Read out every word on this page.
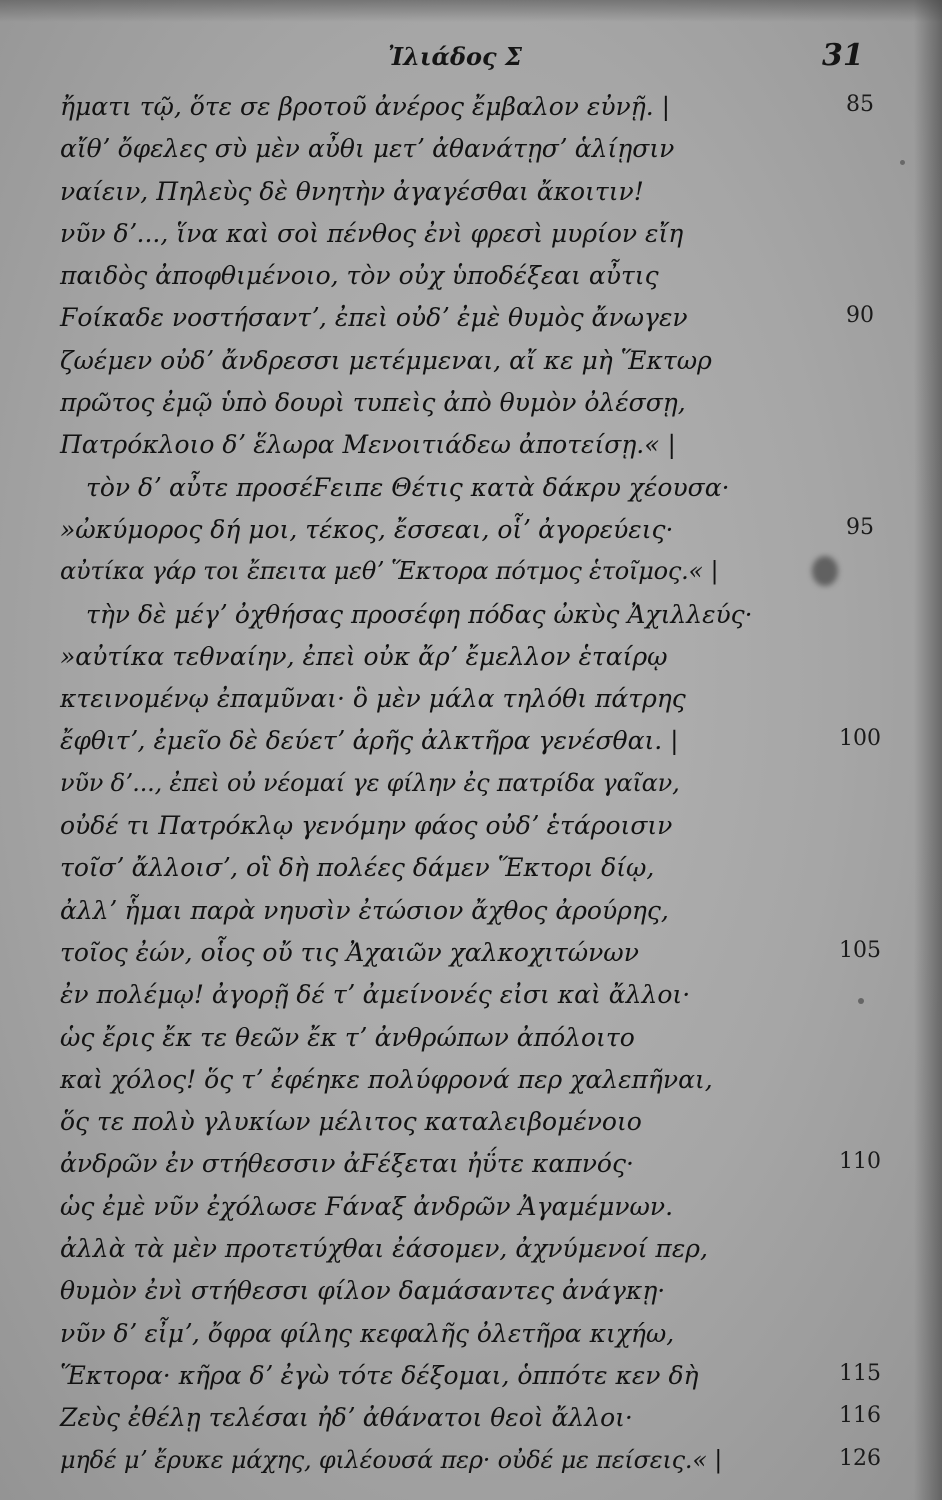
Ἰλιάδος Σ	31
ἤματι τῷ, ὅτε σε βροτοῦ ἀνέρος ἔμβαλον εὐνῇ. |	85
αἴθʼ ὄφελες σὺ μὲν αὖθι μετʼ ἀθανάτῃσʼ ἁλίῃσιν
ναίειν, Πηλεὺς δὲ θνητὴν ἀγαγέσθαι ἄκοιτιν!
νῦν δʼ..., ἵνα καὶ σοὶ πένθος ἐνὶ φρεσὶ μυρίον εἴη
παιδὸς ἀποφθιμένοιο, τὸν οὐχ ὑποδέξεαι αὖτις
Ϝοίκαδε νοστήσαντʼ, ἐπεὶ οὐδʼ ἐμὲ θυμὸς ἄνωγεν	90
ζωέμεν οὐδʼ ἄνδρεσσι μετέμμεναι, αἴ κε μὴ Ἕκτωρ
πρῶτος ἐμῷ ὑπὸ δουρὶ τυπεὶς ἀπὸ θυμὸν ὀλέσσῃ,
Πατρόκλοιο δʼ ἕλωρα Μενοιτιάδεω ἀποτείσῃ.« |
τὸν δʼ αὖτε προσέϜειπε Θέτις κατὰ δάκρυ χέουσα·
»ὠκύμορος δή μοι, τέκος, ἔσσεαι, οἷʼ ἀγορεύεις·	95
αὐτίκα γάρ τοι ἔπειτα μεθʼ Ἕκτορα πότμος ἑτοῖμος.« |
τὴν δὲ μέγʼ ὀχθήσας προσέφη πόδας ὠκὺς Ἀχιλλεύς·
»αὐτίκα τεθναίην, ἐπεὶ οὐκ ἄρʼ ἔμελλον ἑταίρῳ
κτεινομένῳ ἐπαμῦναι· ὃ μὲν μάλα τηλόθι πάτρης
ἔφθιτʼ, ἐμεῖο δὲ δεύετʼ ἀρῆς ἀλκτῆρα γενέσθαι. |	100
νῦν δʼ..., ἐπεὶ οὐ νέομαί γε φίλην ἐς πατρίδα γαῖαν,
οὐδέ τι Πατρόκλῳ γενόμην φάος οὐδʼ ἑτάροισιν
τοῖσʼ ἄλλοισʼ, οἳ δὴ πολέες δάμεν Ἕκτορι δίῳ,
ἀλλʼ ἧμαι παρὰ νηυσὶν ἐτώσιον ἄχθος ἀρούρης,
τοῖος ἐών, οἷος οὔ τις Ἀχαιῶν χαλκοχιτώνων	105
ἐν πολέμῳ! ἀγορῇ δέ τʼ ἀμείνονές εἰσι καὶ ἄλλοι·
ὡς ἔρις ἔκ τε θεῶν ἔκ τʼ ἀνθρώπων ἀπόλοιτο
καὶ χόλος! ὅς τʼ ἐφέηκε πολύφρονά περ χαλεπῆναι,
ὅς τε πολὺ γλυκίων μέλιτος καταλειβομένοιο
ἀνδρῶν ἐν στήθεσσιν ἀϜέξεται ἠΰτε καπνός·	110
ὡς ἐμὲ νῦν ἐχόλωσε Ϝάναξ ἀνδρῶν Ἀγαμέμνων.
ἀλλὰ τὰ μὲν προτετύχθαι ἐάσομεν, ἀχνύμενοί περ,
θυμὸν ἐνὶ στήθεσσι φίλον δαμάσαντες ἀνάγκῃ·
νῦν δʼ εἶμʼ, ὄφρα φίλης κεφαλῆς ὀλετῆρα κιχήω,
Ἕκτορα· κῆρα δʼ ἐγὼ τότε δέξομαι, ὁππότε κεν δὴ	115
Ζεὺς ἐθέλῃ τελέσαι ἠδʼ ἀθάνατοι θεοὶ ἄλλοι·	116
μηδέ μʼ ἔρυκε μάχης, φιλέουσά περ· οὐδέ με πείσεις.« |	126
